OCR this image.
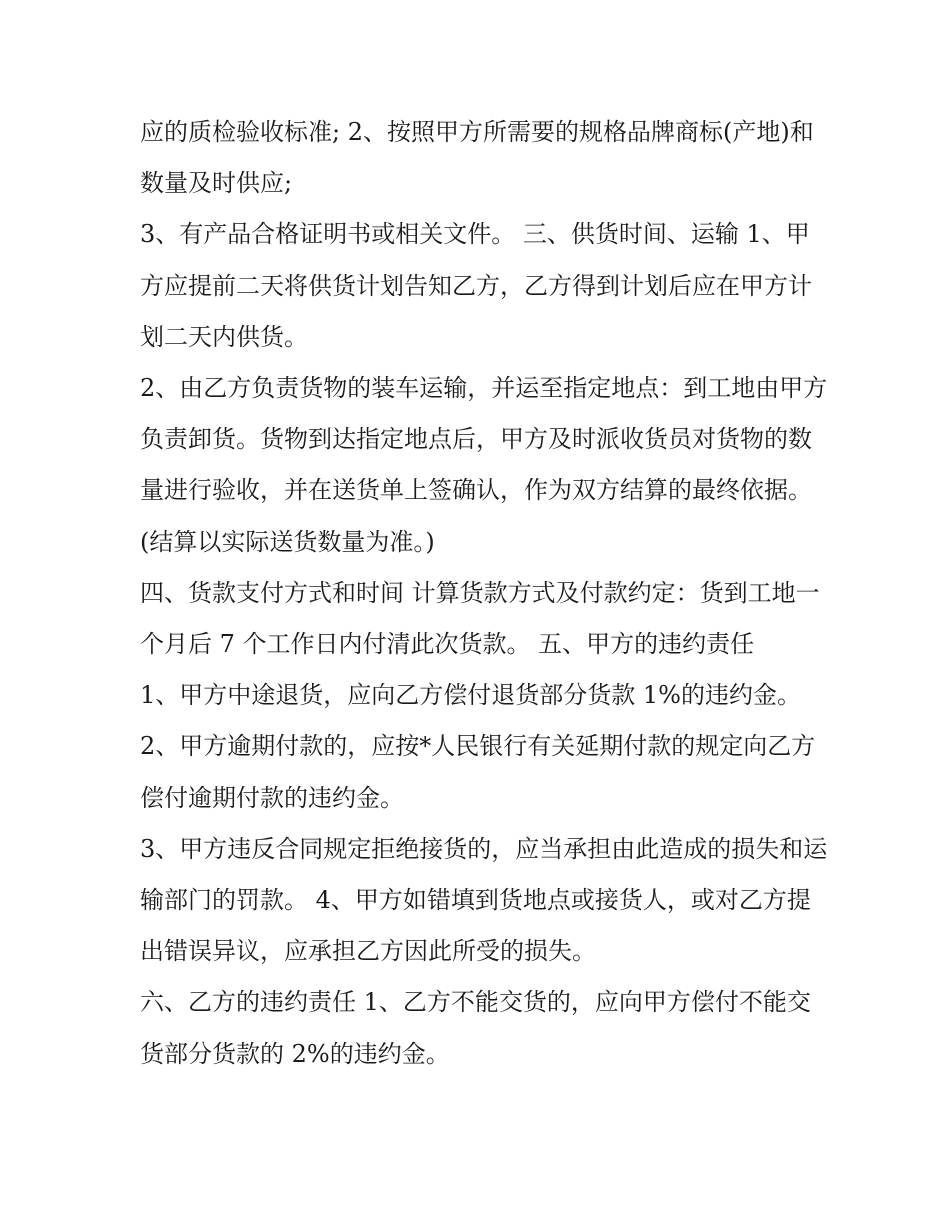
应的质检验收标准; 2、按照甲方所需要的规格品牌商标(产地)和数量及时供应;

3、有产品合格证明书或相关文件。 三、供货时间、运输 1、甲方应提前二天将供货计划告知乙方，乙方得到计划后应在甲方计划二天内供货。

2、由乙方负责货物的装车运输，并运至指定地点：到工地由甲方负责卸货。货物到达指定地点后，甲方及时派收货员对货物的数量进行验收，并在送货单上签确认，作为双方结算的最终依据。(结算以实际送货数量为准。)

四、货款支付方式和时间 计算货款方式及付款约定：货到工地一个月后 7 个工作日内付清此次货款。 五、甲方的违约责任

1、甲方中途退货，应向乙方偿付退货部分货款 1%的违约金。

2、甲方逾期付款的，应按*人民银行有关延期付款的规定向乙方偿付逾期付款的违约金。

3、甲方违反合同规定拒绝接货的，应当承担由此造成的损失和运输部门的罚款。 4、甲方如错填到货地点或接货人，或对乙方提出错误异议，应承担乙方因此所受的损失。

六、乙方的违约责任 1、乙方不能交货的，应向甲方偿付不能交货部分货款的 2%的违约金。
